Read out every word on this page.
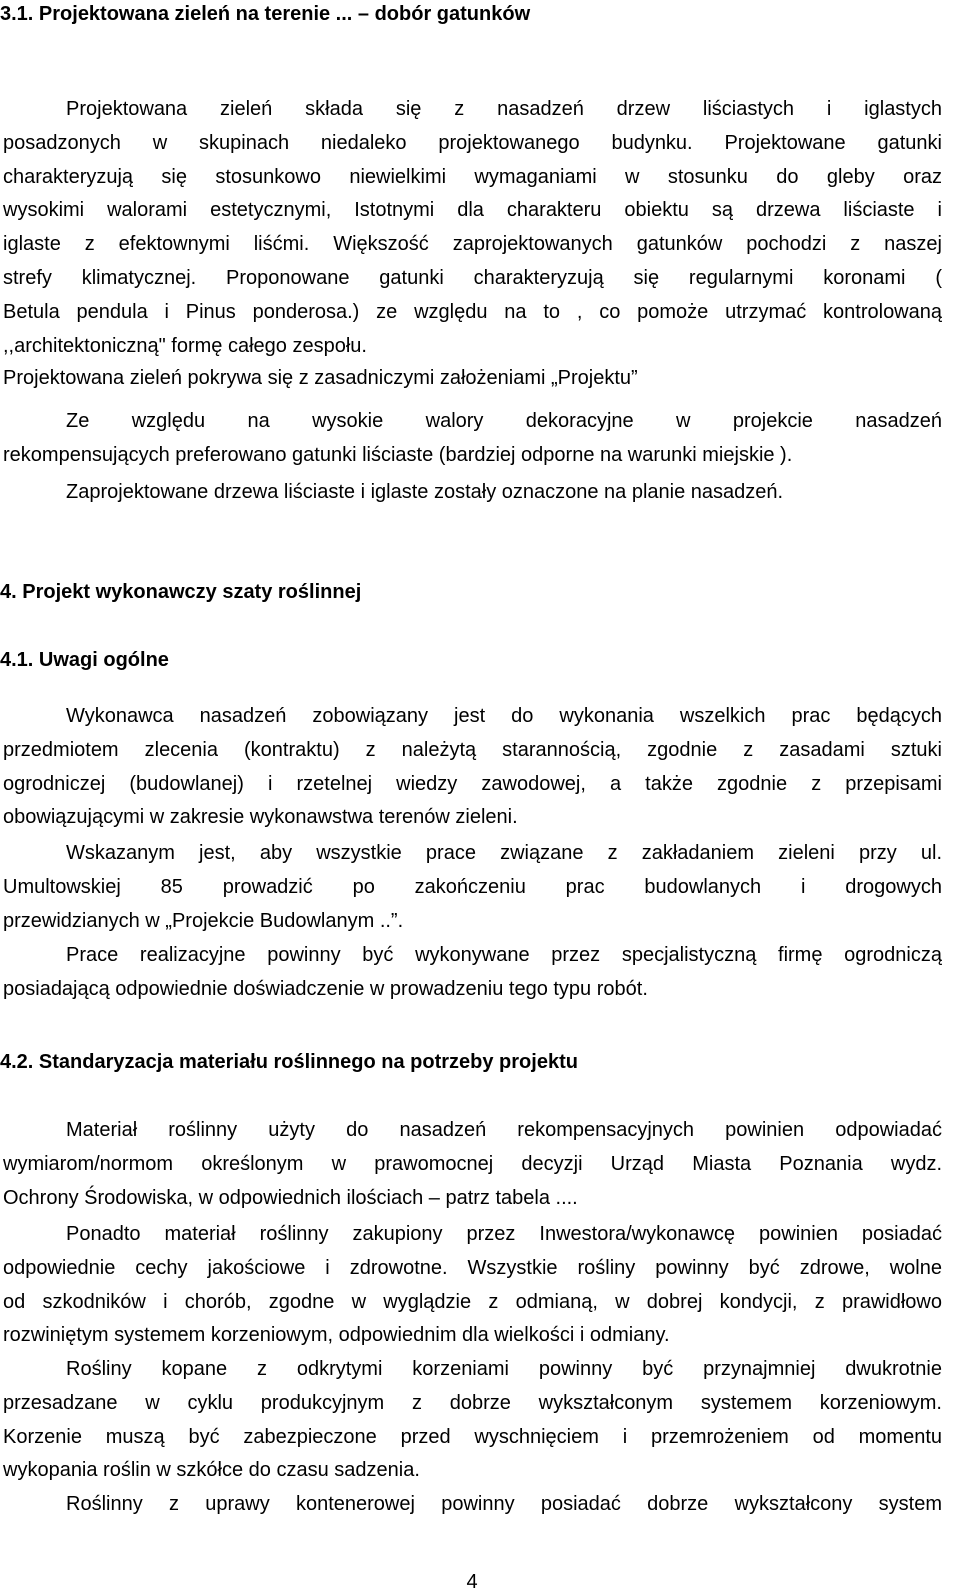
3.1. Projektowana zieleń na terenie ... – dobór gatunków

Projektowana zieleń składa się z nasadzeń drzew liściastych i iglastych
posadzonych w skupinach niedaleko projektowanego budynku. Projektowane gatunki
charakteryzują się stosunkowo niewielkimi wymaganiami w stosunku do gleby oraz
wysokimi walorami estetycznymi, Istotnymi dla charakteru obiektu są drzewa liściaste i
iglaste z efektownymi liśćmi. Większość zaprojektowanych gatunków pochodzi z naszej
strefy klimatycznej. Proponowane gatunki charakteryzują się regularnymi koronami (
Betula pendula i Pinus ponderosa.) ze względu na to , co pomoże utrzymać kontrolowaną
,,architektoniczną" formę całego zespołu.

Projektowana zieleń pokrywa się z zasadniczymi założeniami „Projektu”

Ze względu na wysokie walory dekoracyjne w projekcie nasadzeń
rekompensujących preferowano gatunki liściaste (bardziej odporne na warunki miejskie ).

Zaprojektowane drzewa liściaste i iglaste zostały oznaczone na planie nasadzeń.

4. Projekt wykonawczy szaty roślinnej
4.1. Uwagi ogólne

Wykonawca nasadzeń zobowiązany jest do wykonania wszelkich prac będących
przedmiotem zlecenia (kontraktu) z należytą starannością, zgodnie z zasadami sztuki
ogrodniczej (budowlanej) i rzetelnej wiedzy zawodowej, a także zgodnie z przepisami
obowiązującymi w zakresie wykonawstwa terenów zieleni.

Wskazanym jest, aby wszystkie prace związane z zakładaniem zieleni przy ul.
Umultowskiej 85 prowadzić po zakończeniu prac budowlanych i drogowych
przewidzianych w „Projekcie Budowlanym ..”.

Prace realizacyjne powinny być wykonywane przez specjalistyczną firmę ogrodniczą
posiadającą odpowiednie doświadczenie w prowadzeniu tego typu robót.

4.2. Standaryzacja materiału roślinnego na potrzeby projektu

Materiał roślinny użyty do nasadzeń rekompensacyjnych powinien odpowiadać
wymiarom/normom określonym w prawomocnej decyzji Urząd Miasta Poznania wydz.
Ochrony Środowiska, w odpowiednich ilościach – patrz tabela ....

Ponadto materiał roślinny zakupiony przez Inwestora/wykonawcę powinien posiadać
odpowiednie cechy jakościowe i zdrowotne. Wszystkie rośliny powinny być zdrowe, wolne
od szkodników i chorób, zgodne w wyglądzie z odmianą, w dobrej kondycji, z prawidłowo
rozwiniętym systemem korzeniowym, odpowiednim dla wielkości i odmiany.

Rośliny kopane z odkrytymi korzeniami powinny być przynajmniej dwukrotnie
przesadzane w cyklu produkcyjnym z dobrze wykształconym systemem korzeniowym.
Korzenie muszą być zabezpieczone przed wyschnięciem i przemrożeniem od momentu
wykopania roślin w szkółce do czasu sadzenia.

Roślinny z uprawy kontenerowej powinny posiadać dobrze wykształcony system

4
